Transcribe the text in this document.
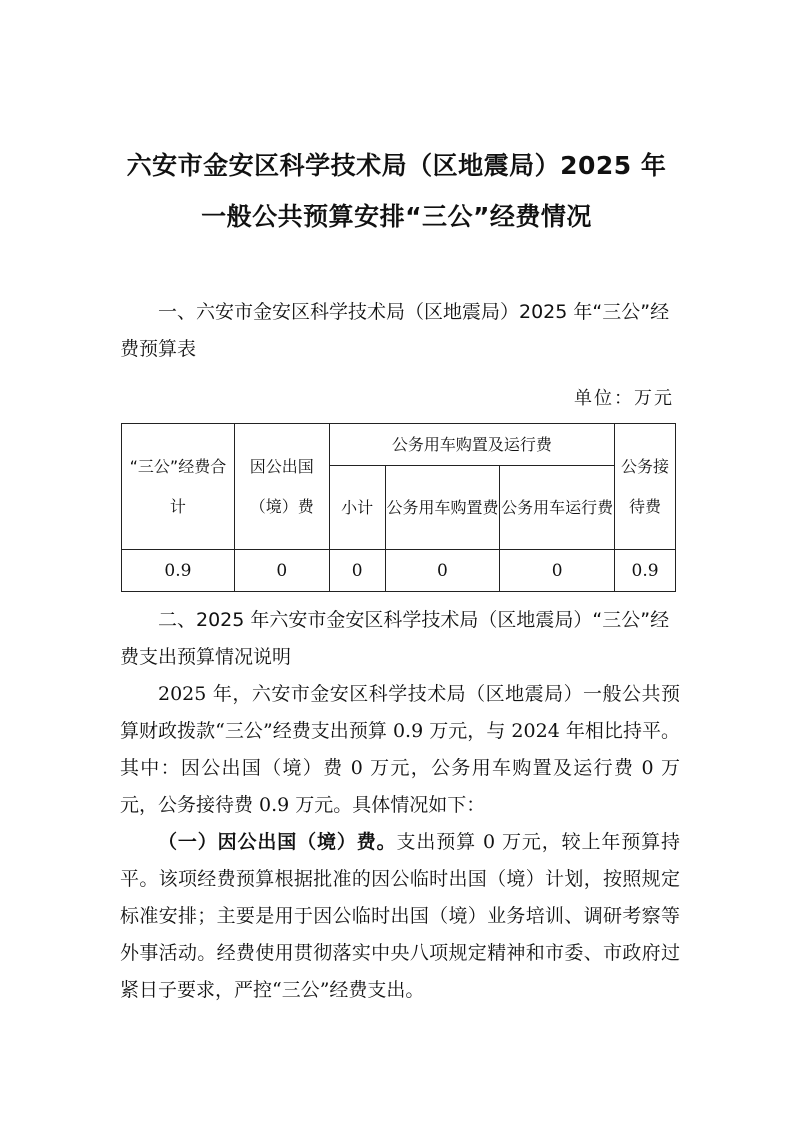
六安市金安区科学技术局（区地震局）2025 年
一般公共预算安排“三公”经费情况
一、六安市金安区科学技术局（区地震局）2025 年“三公”经费预算表
单位：万元
“三公”经费合计	因公出国（境）费	公务用车购置及运行费			公务接待费
		小计	公务用车购置费	公务用车运行费	
0.9	0	0	0	0	0.9
二、2025 年六安市金安区科学技术局（区地震局）“三公”经费支出预算情况说明
2025 年，六安市金安区科学技术局（区地震局）一般公共预算财政拨款“三公”经费支出预算 0.9 万元，与 2024 年相比持平。其中：因公出国（境）费 0 万元，公务用车购置及运行费 0 万元，公务接待费 0.9 万元。具体情况如下：
（一）因公出国（境）费。支出预算 0 万元，较上年预算持平。该项经费预算根据批准的因公临时出国（境）计划，按照规定标准安排；主要是用于因公临时出国（境）业务培训、调研考察等外事活动。经费使用贯彻落实中央八项规定精神和市委、市政府过紧日子要求，严控“三公”经费支出。
